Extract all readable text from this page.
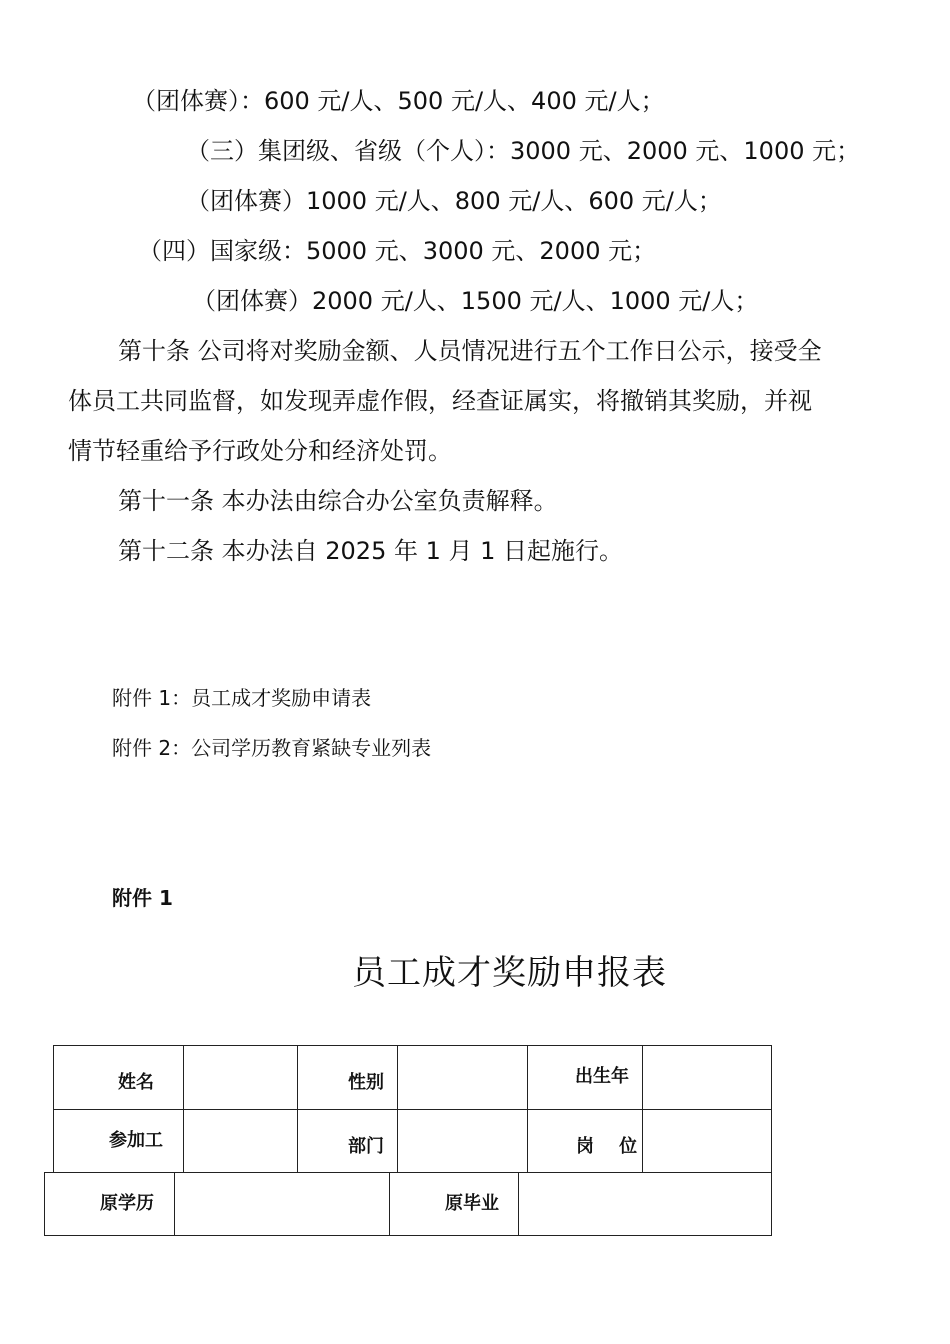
（团体赛）：600 元/人、500 元/人、400 元/人；
（三）集团级、省级（个人）：3000 元、2000 元、1000 元；
（团体赛）1000 元/人、800 元/人、600 元/人；
（四）国家级：5000 元、3000 元、2000 元；
（团体赛）2000 元/人、1500 元/人、1000 元/人；
第十条 公司将对奖励金额、人员情况进行五个工作日公示，接受全
体员工共同监督，如发现弄虚作假，经查证属实，将撤销其奖励，并视
情节轻重给予行政处分和经济处罚。
第十一条 本办法由综合办公室负责解释。
第十二条 本办法自 2025 年 1 月 1 日起施行。
附件 1：员工成才奖励申请表
附件 2：公司学历教育紧缺专业列表
附件 1
员工成才奖励申报表
姓名	性别	出生年
参加工	部门	岗    位
原学历	原毕业
